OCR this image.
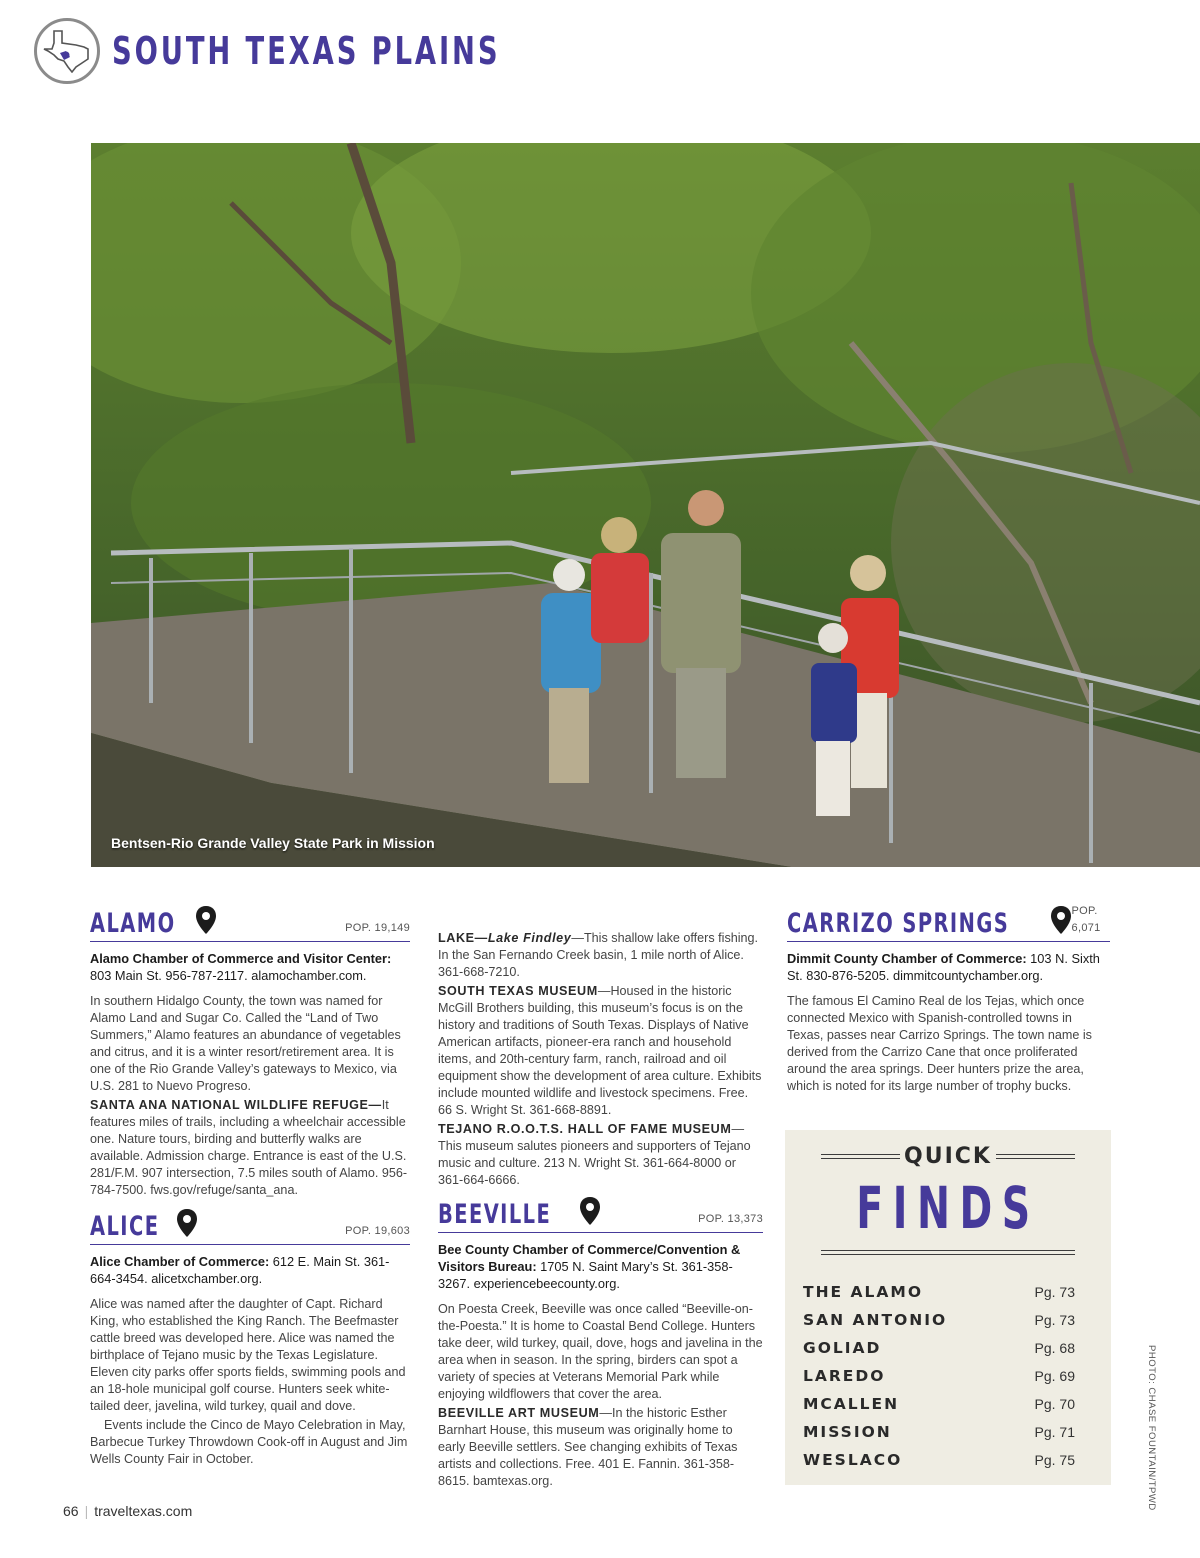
SOUTH TEXAS PLAINS
Bentsen-Rio Grande Valley State Park in Mission
ALAMO	POP. 19,149

Alamo Chamber of Commerce and Visitor Center: 803 Main St. 956-787-2117. alamochamber.com.

In southern Hidalgo County, the town was named for Alamo Land and Sugar Co. Called the “Land of Two Summers,” Alamo features an abundance of vegetables and citrus, and it is a winter resort/retirement area. It is one of the Rio Grande Valley’s gateways to Mexico, via U.S. 281 to Nuevo Progreso.

SANTA ANA NATIONAL WILDLIFE REFUGE—It features miles of trails, including a wheelchair accessible one. Nature tours, birding and butterfly walks are available. Admission charge. Entrance is east of the U.S. 281/F.M. 907 intersection, 7.5 miles south of Alamo. 956-784-7500. fws.gov/refuge/santa_ana.

ALICE	POP. 19,603

Alice Chamber of Commerce: 612 E. Main St. 361-664-3454. alicetxchamber.org.

Alice was named after the daughter of Capt. Richard King, who established the King Ranch. The Beefmaster cattle breed was developed here. Alice was named the birthplace of Tejano music by the Texas Legislature. Eleven city parks offer sports fields, swimming pools and an 18-hole municipal golf course. Hunters seek white-tailed deer, javelina, wild turkey, quail and dove.

Events include the Cinco de Mayo Celebration in May, Barbecue Turkey Throwdown Cook-off in August and Jim Wells County Fair in October.

LAKE—Lake Findley—This shallow lake offers fishing. In the San Fernando Creek basin, 1 mile north of Alice. 361-668-7210.

SOUTH TEXAS MUSEUM—Housed in the historic McGill Brothers building, this museum’s focus is on the history and traditions of South Texas. Displays of Native American artifacts, pioneer-era ranch and household items, and 20th-century farm, ranch, railroad and oil equipment show the development of area culture. Exhibits include mounted wildlife and livestock specimens. Free. 66 S. Wright St. 361-668-8891.

TEJANO R.O.O.T.S. HALL OF FAME MUSEUM—This museum salutes pioneers and supporters of Tejano music and culture. 213 N. Wright St. 361-664-8000 or 361-664-6666.

BEEVILLE	POP. 13,373

Bee County Chamber of Commerce/Convention & Visitors Bureau: 1705 N. Saint Mary’s St. 361-358-3267. experiencebeecounty.org.

On Poesta Creek, Beeville was once called “Beeville-on-the-Poesta.” It is home to Coastal Bend College. Hunters take deer, wild turkey, quail, dove, hogs and javelina in the area when in season. In the spring, birders can spot a variety of species at Veterans Memorial Park while enjoying wildflowers that cover the area.

BEEVILLE ART MUSEUM—In the historic Esther Barnhart House, this museum was originally home to early Beeville settlers. See changing exhibits of Texas artists and collections. Free. 401 E. Fannin. 361-358-8615. bamtexas.org.

CARRIZO SPRINGS	POP. 6,071

Dimmit County Chamber of Commerce: 103 N. Sixth St. 830-876-5205. dimmitcountychamber.org.

The famous El Camino Real de los Tejas, which once connected Mexico with Spanish-controlled towns in Texas, passes near Carrizo Springs. The town name is derived from the Carrizo Cane that once proliferated around the area springs. Deer hunters prize the area, which is noted for its large number of trophy bucks.

QUICK
FINDS
THE ALAMO	Pg. 73
SAN ANTONIO	Pg. 73
GOLIAD	Pg. 68
LAREDO	Pg. 69
MCALLEN	Pg. 70
MISSION	Pg. 71
WESLACO	Pg. 75
66 | traveltexas.com
PHOTO: CHASE FOUNTAIN/TPWD
